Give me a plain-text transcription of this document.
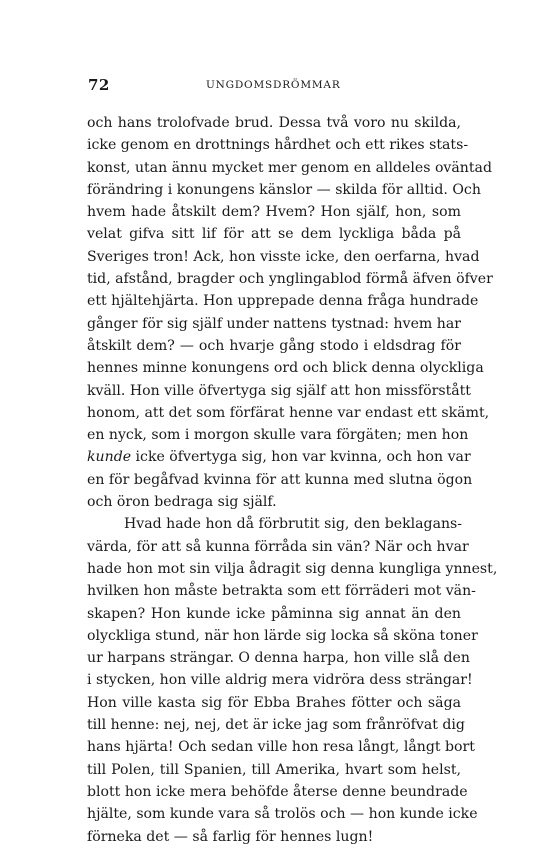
72	UNGDOMSDRÖMMAR
och hans trolofvade brud. Dessa två voro nu skilda,
icke genom en drottnings hårdhet och ett rikes stats-
konst, utan ännu mycket mer genom en alldeles oväntad
förändring i konungens känslor — skilda för alltid. Och
hvem hade åtskilt dem? Hvem? Hon själf, hon, som
velat gifva sitt lif för att se dem lyckliga båda på
Sveriges tron! Ack, hon visste icke, den oerfarna, hvad
tid, afstånd, bragder och ynglingablod förmå äfven öfver
ett hjältehjärta. Hon upprepade denna fråga hundrade
gånger för sig själf under nattens tystnad: hvem har
åtskilt dem? — och hvarje gång stodo i eldsdrag för
hennes minne konungens ord och blick denna olyckliga
kväll. Hon ville öfvertyga sig själf att hon missförstått
honom, att det som förfärat henne var endast ett skämt,
en nyck, som i morgon skulle vara förgäten; men hon
kunde icke öfvertyga sig, hon var kvinna, och hon var
en för begåfvad kvinna för att kunna med slutna ögon
och öron bedraga sig själf.
Hvad hade hon då förbrutit sig, den beklagans-
värda, för att så kunna förråda sin vän? När och hvar
hade hon mot sin vilja ådragit sig denna kungliga ynnest,
hvilken hon måste betrakta som ett förräderi mot vän-
skapen? Hon kunde icke påminna sig annat än den
olyckliga stund, när hon lärde sig locka så sköna toner
ur harpans strängar. O denna harpa, hon ville slå den
i stycken, hon ville aldrig mera vidröra dess strängar!
Hon ville kasta sig för Ebba Brahes fötter och säga
till henne: nej, nej, det är icke jag som frånröfvat dig
hans hjärta! Och sedan ville hon resa långt, långt bort
till Polen, till Spanien, till Amerika, hvart som helst,
blott hon icke mera behöfde återse denne beundrade
hjälte, som kunde vara så trolös och — hon kunde icke
förneka det — så farlig för hennes lugn!
